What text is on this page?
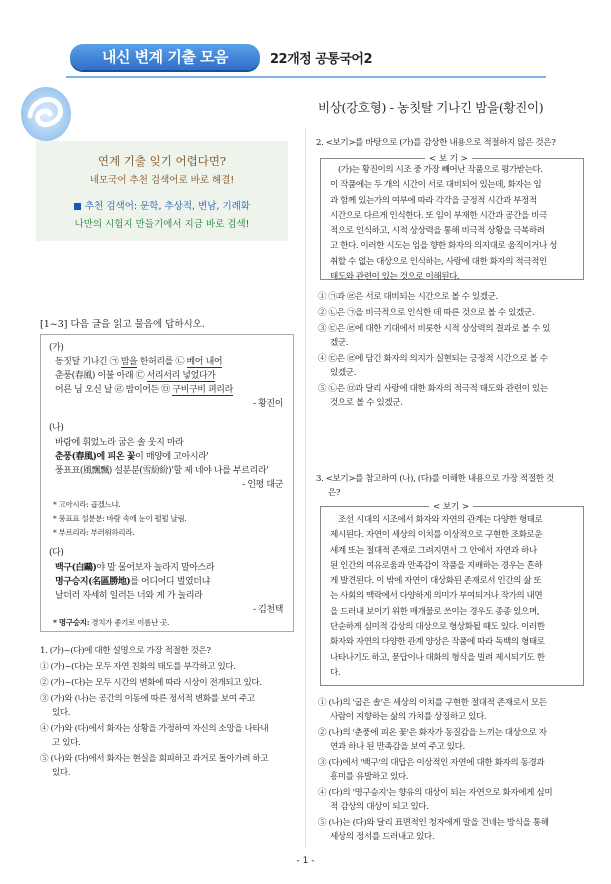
내신 변계 기출 모음	22개정 공통국어2
비상(강호형) - 농칫탈 기나긴 밤을(황진이)
연계 기출 잊기 어렵다면?
네모국어 추천 검색어로 바로 해결!
추천 검색어: 문학, 추상적, 변남, 기례화
나만의 시험지 만들기에서 지금 바로 검색!
[1~3] 다음 글을 읽고 물음에 답하시오.
(가)
동짓달 기나긴 ㉠ 밤을 한허리를 ㉡ 베어 내어
춘풍(春風) 이불 아래 ㉢ 서리서리 넣었다가
어른 님 오신 날 ㉣ 밤이어든 ㉤ 구비구비 펴리라
- 황진이
(나)
바람에 휘었노라 굽은 솔 웃지 마라
춘풍(春風)에 피온 꽃이 매양에 고아시라'
풍표표(風飄飄) 설분분(雪紛紛)'할 제 네야 나를 부르리라'
- 인평 대군
* 고아시라: 곱겠느냐.
* 풍표표 설분분: 바람 속에 눈이 펄펄 날림.
* 부르리라: 부러워하리라.
(다)
백구(白鷗)야 말 물어보자 놀라지 말아스라
명구승지(名區勝地)를 어디어디 벌였더냐
날더러 자세히 일러든 너와 게 가 놀리라
- 김천택
* 명구승지: 경치가 좋기로 이름난 곳.
1. (가)~(다)에 대한 설명으로 가장 적절한 것은?
① (가)~(다)는 모두 자연 친화의 태도를 부각하고 있다.
② (가)~(다)는 모두 시간의 변화에 따라 시상이 전개되고 있다.
③ (가)와 (나)는 공간의 이동에 따른 정서적 변화를 보여 주고
있다.
④ (가)와 (다)에서 화자는 상황을 가정하여 자신의 소망을 나타내
고 있다.
⑤ (나)와 (다)에서 화자는 현실을 회피하고 과거로 돌아가려 하고
있다.
2. <보기>를 바탕으로 (가)를 감상한 내용으로 적절하지 않은 것은?
< 보 기 >
(가)는 황진이의 시조 중 가장 빼어난 작품으로 평가받는다.
이 작품에는 두 개의 시간이 서로 대비되어 있는데, 화자는 임
과 함께 있는가의 여부에 따라 각각을 긍정적 시간과 부정적
시간으로 다르게 인식한다. 또 임이 부재한 시간과 공간을 비극
적으로 인식하고, 시적 상상력을 통해 비극적 상황을 극복하려
고 한다. 이러한 시도는 임을 향한 화자의 의지대로 움직이거나 성
취할 수 없는 대상으로 인식하는, 사랑에 대한 화자의 적극적인
태도와 관련이 있는 것으로 이해된다.
① ㉠과 ㉣은 서로 대비되는 시간으로 볼 수 있겠군.
② ㉡은 ㉠을 비극적으로 인식한 데 따른 것으로 볼 수 있겠군.
③ ㉢은 ㉣에 대한 기대에서 비롯한 시적 상상력의 결과로 볼 수 있
겠군.
④ ㉢은 ㉣에 담긴 화자의 의지가 실현되는 긍정적 시간으로 볼 수
있겠군.
⑤ ㉡은 ㉤과 달리 사랑에 대한 화자의 적극적 태도와 관련이 있는
것으로 볼 수 있겠군.
3. <보기>를 참고하여 (나), (다)를 이해한 내용으로 가장 적절한 것
은?
< 보기 >
조선 시대의 시조에서 화자와 자연의 관계는 다양한 형태로
제시된다. 자연이 세상의 이치를 이상적으로 구현한 조화로운
세계 또는 절대적 존재로 그려지면서 그 안에서 자연과 하나
된 인간의 여유로움과 만족감이 작품을 지배하는 경우는 흔하
게 발견된다. 이 밖에 자연이 대상화된 존재로서 인간의 삶 또
는 사회의 맥락에서 다양하게 의미가 부여되거나 작가의 내면
을 드러내 보이기 위한 매개물로 쓰이는 경우도 종종 있으며,
단순하게 심미적 감상의 대상으로 형상화될 때도 있다. 이러한
화자와 자연의 다양한 관계 양상은 작품에 따라 독백의 형태로
나타나기도 하고, 묻답이나 대화의 형식을 빌려 제시되기도 한
다.
① (나)의 '굽은 솔'은 세상의 이치를 구현한 절대적 존재로서 모든
사람이 지향하는 삶의 가치를 상징하고 있다.
② (나)의 '춘풍에 피온 꽃'은 화자가 동질감을 느끼는 대상으로 자
연과 하나 된 만족감을 보여 주고 있다.
③ (다)에서 '백구'의 대답은 이상적인 자연에 대한 화자의 동경과
흥미를 유발하고 있다.
④ (다)의 '명구승지'는 향유의 대상이 되는 자연으로 화자에게 심미
적 감상의 대상이 되고 있다.
⑤ (나)는 (다)와 달리 표면적인 청자에게 말을 건네는 방식을 통해
세상의 정서를 드러내고 있다.
- 1 -
